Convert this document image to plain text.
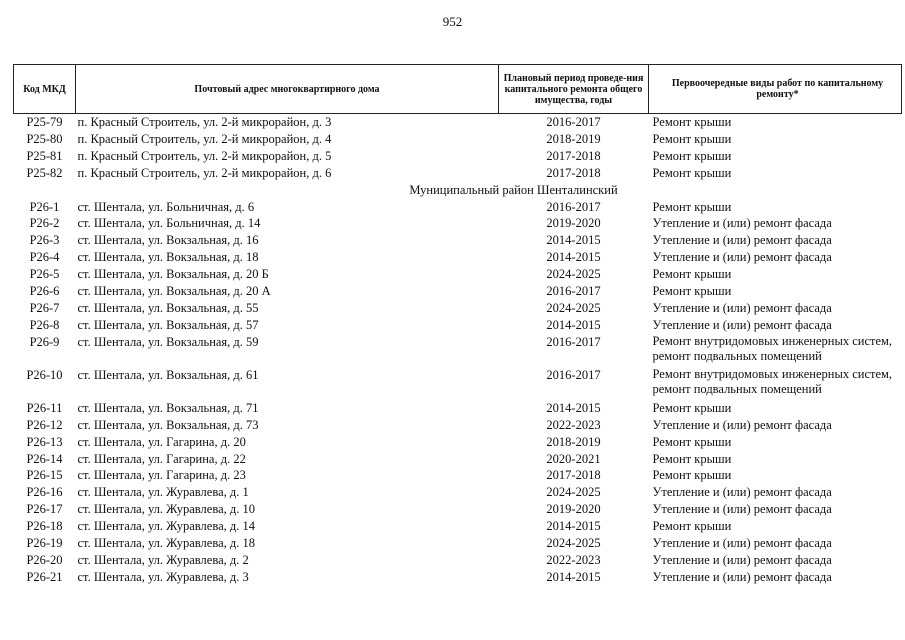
952
Код МКД	Почтовый адрес многоквартирного дома	Плановый период проведе-ния капитального ремонта общего имущества, годы	Первоочередные виды работ по капитальному ремонту*
Р25-79	п. Красный Строитель, ул. 2-й микрорайон, д. 3	2016-2017	Ремонт крыши
Р25-80	п. Красный Строитель, ул. 2-й микрорайон, д. 4	2018-2019	Ремонт крыши
Р25-81	п. Красный Строитель, ул. 2-й микрорайон, д. 5	2017-2018	Ремонт крыши
Р25-82	п. Красный Строитель, ул. 2-й микрорайон, д. 6	2017-2018	Ремонт крыши
Муниципальный район Шенталинский			
Р26-1	ст. Шентала, ул. Больничная, д. 6	2016-2017	Ремонт крыши
Р26-2	ст. Шентала, ул. Больничная, д. 14	2019-2020	Утепление и (или) ремонт фасада
Р26-3	ст. Шентала, ул. Вокзальная, д. 16	2014-2015	Утепление и (или) ремонт фасада
Р26-4	ст. Шентала, ул. Вокзальная, д. 18	2014-2015	Утепление и (или) ремонт фасада
Р26-5	ст. Шентала, ул. Вокзальная, д. 20 Б	2024-2025	Ремонт крыши
Р26-6	ст. Шентала, ул. Вокзальная, д. 20 А	2016-2017	Ремонт крыши
Р26-7	ст. Шентала, ул. Вокзальная, д. 55	2024-2025	Утепление и (или) ремонт фасада
Р26-8	ст. Шентала, ул. Вокзальная, д. 57	2014-2015	Утепление и (или) ремонт фасада
Р26-9	ст. Шентала, ул. Вокзальная, д. 59	2016-2017	Ремонт внутридомовых инженерных систем, ремонт подвальных помещений
Р26-10	ст. Шентала, ул. Вокзальная, д. 61	2016-2017	Ремонт внутридомовых инженерных систем, ремонт подвальных помещений
Р26-11	ст. Шентала, ул. Вокзальная, д. 71	2014-2015	Ремонт крыши
Р26-12	ст. Шентала, ул. Вокзальная, д. 73	2022-2023	Утепление и (или) ремонт фасада
Р26-13	ст. Шентала, ул. Гагарина, д. 20	2018-2019	Ремонт крыши
Р26-14	ст. Шентала, ул. Гагарина, д. 22	2020-2021	Ремонт крыши
Р26-15	ст. Шентала, ул. Гагарина, д. 23	2017-2018	Ремонт крыши
Р26-16	ст. Шентала, ул. Журавлева, д. 1	2024-2025	Утепление и (или) ремонт фасада
Р26-17	ст. Шентала, ул. Журавлева, д. 10	2019-2020	Утепление и (или) ремонт фасада
Р26-18	ст. Шентала, ул. Журавлева, д. 14	2014-2015	Ремонт крыши
Р26-19	ст. Шентала, ул. Журавлева, д. 18	2024-2025	Утепление и (или) ремонт фасада
Р26-20	ст. Шентала, ул. Журавлева, д. 2	2022-2023	Утепление и (или) ремонт фасада
Р26-21	ст. Шентала, ул. Журавлева, д. 3	2014-2015	Утепление и (или) ремонт фасада
